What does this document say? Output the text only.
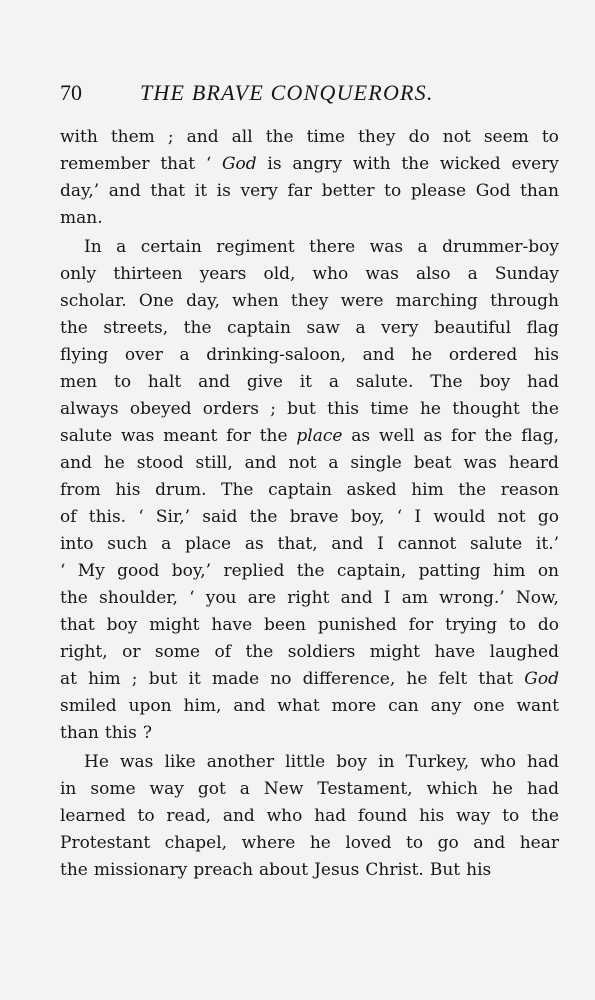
70	THE BRAVE CONQUERORS.
with them ; and all the time they do not seem to
remember that ‘ God is angry with the wicked every
day,’ and that it is very far better to please God than
man.
In a certain regiment there was a drummer-boy
only thirteen years old, who was also a Sunday
scholar. One day, when they were marching through
the streets, the captain saw a very beautiful flag
flying over a drinking-saloon, and he ordered his
men to halt and give it a salute. The boy had
always obeyed orders ; but this time he thought the
salute was meant for the place as well as for the flag,
and he stood still, and not a single beat was heard
from his drum. The captain asked him the reason
of this. ‘ Sir,’ said the brave boy, ‘ I would not go
into such a place as that, and I cannot salute it.’
‘ My good boy,’ replied the captain, patting him on
the shoulder, ‘ you are right and I am wrong.’ Now,
that boy might have been punished for trying to do
right, or some of the soldiers might have laughed
at him ; but it made no difference, he felt that God
smiled upon him, and what more can any one want
than this ?
He was like another little boy in Turkey, who had
in some way got a New Testament, which he had
learned to read, and who had found his way to the
Protestant chapel, where he loved to go and hear
the missionary preach about Jesus Christ. But his
